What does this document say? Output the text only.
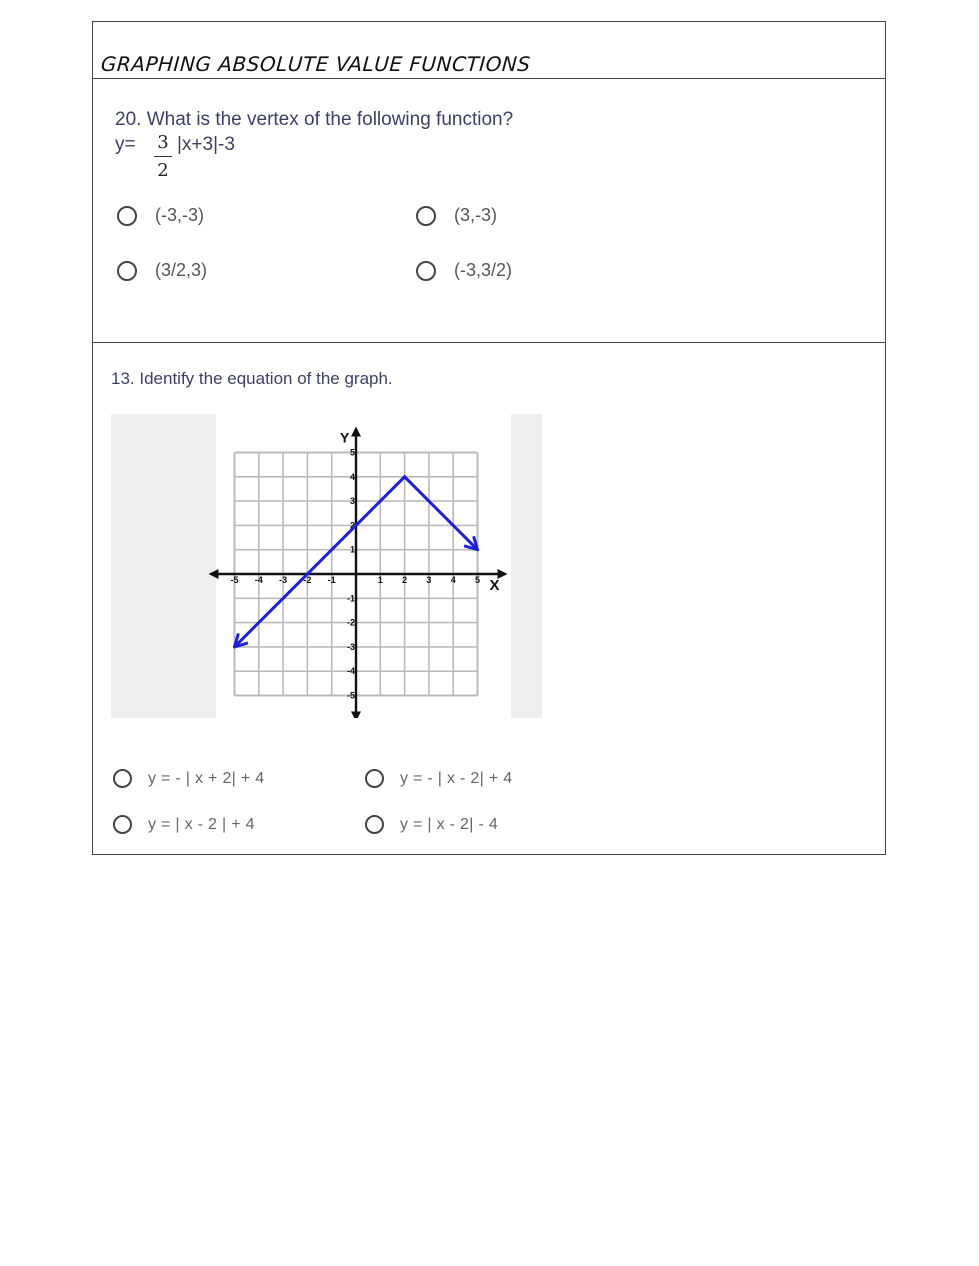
GRAPHING ABSOLUTE VALUE FUNCTIONS
20. What is the vertex of the following function?
y= 3
2
|x+3|-3
(-3,-3)	(3,-3)
(3/2,3)	(-3,3/2)
13. Identify the equation of the graph.
X
Y
-5 -4 -3 -2 -1	1 2 3 4 5
5
4
3
2
1
-1
-2
-3
-4
-5
y = - | x + 2| + 4	y = - | x - 2| + 4
y = | x - 2 | + 4	y = | x - 2| - 4
